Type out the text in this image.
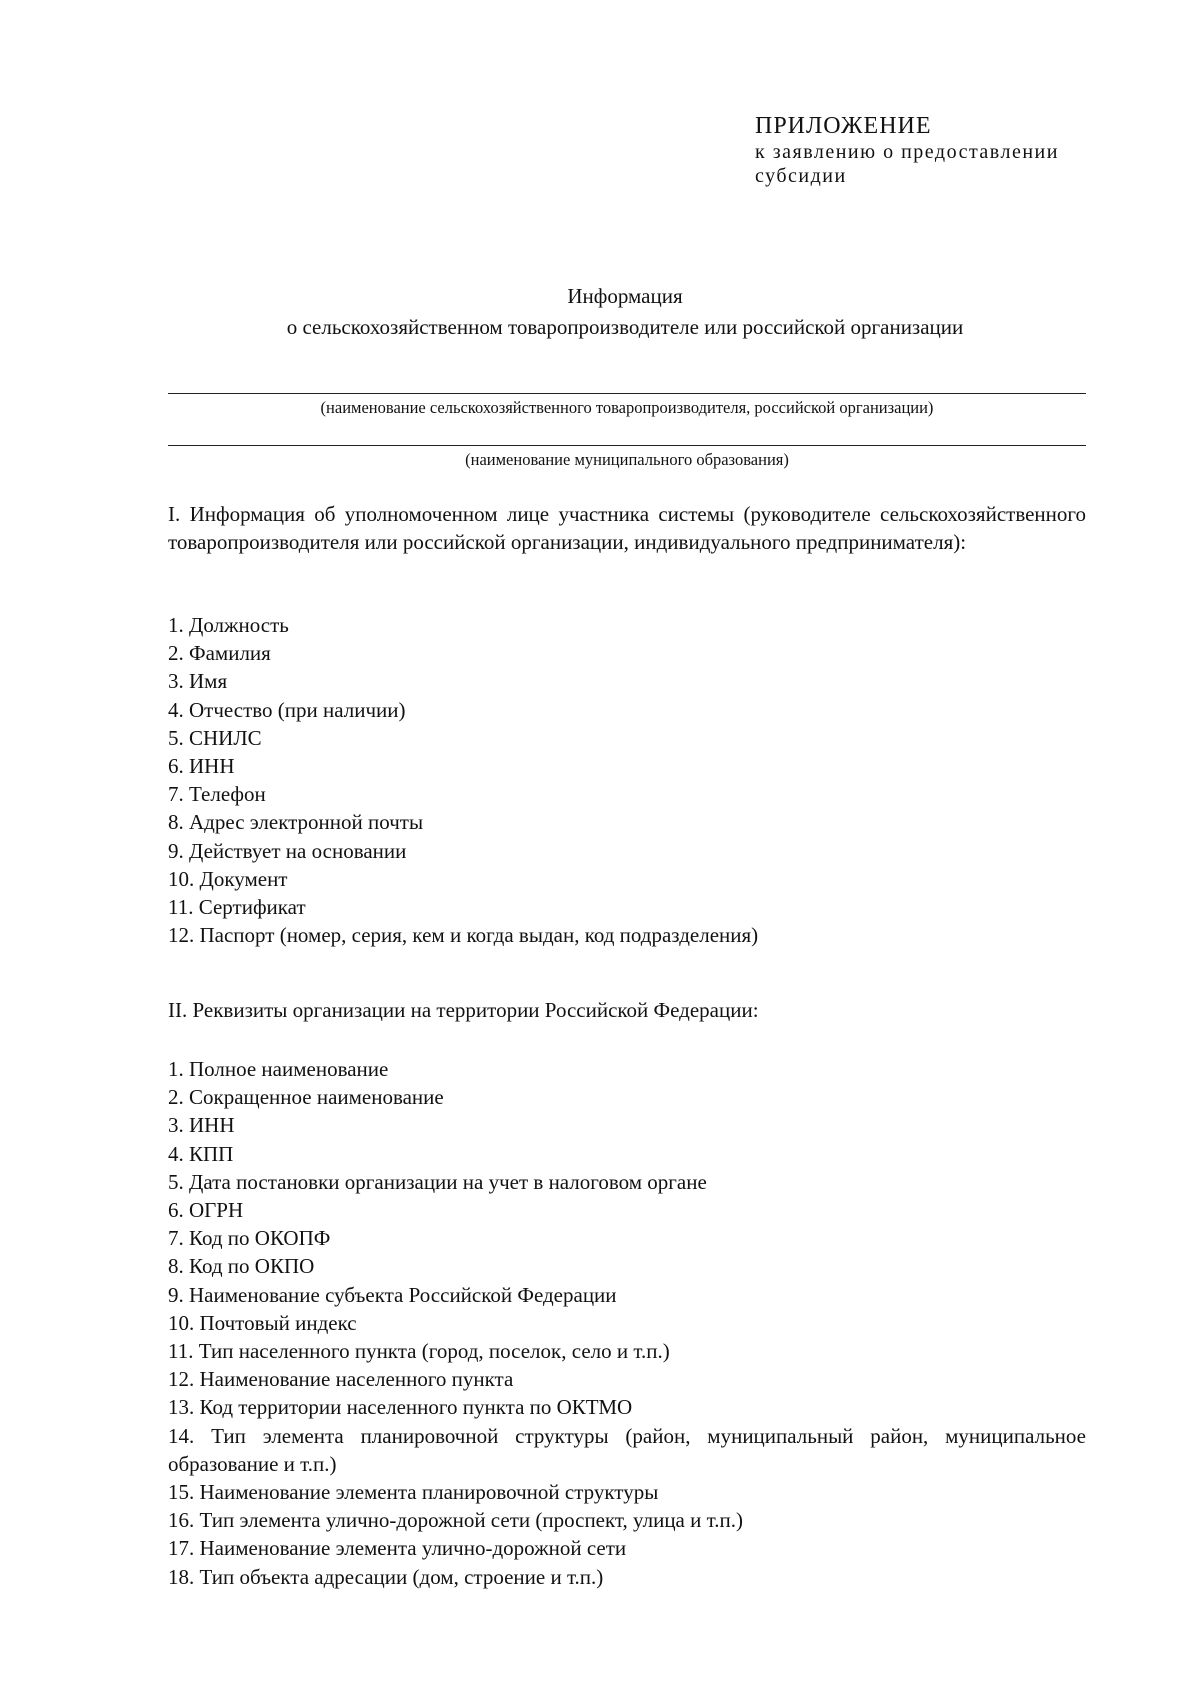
ПРИЛОЖЕНИЕ
к заявлению о предоставлении
субсидии
Информация
о сельскохозяйственном товаропроизводителе или российской организации
(наименование сельскохозяйственного товаропроизводителя, российской организации)
(наименование муниципального образования)
I. Информация об уполномоченном лице участника системы (руководителе сельскохозяйственного товаропроизводителя или российской организации, индивидуального предпринимателя):
1. Должность
2. Фамилия
3. Имя
4. Отчество (при наличии)
5. СНИЛС
6. ИНН
7. Телефон
8. Адрес электронной почты
9. Действует на основании
10. Документ
11. Сертификат
12. Паспорт (номер, серия, кем и когда выдан, код подразделения)
II. Реквизиты организации на территории Российской Федерации:
1. Полное наименование
2. Сокращенное наименование
3. ИНН
4. КПП
5. Дата постановки организации на учет в налоговом органе
6. ОГРН
7. Код по ОКОПФ
8. Код по ОКПО
9. Наименование субъекта Российской Федерации
10. Почтовый индекс
11. Тип населенного пункта (город, поселок, село и т.п.)
12. Наименование населенного пункта
13. Код территории населенного пункта по ОКТМО
14. Тип элемента планировочной структуры (район, муниципальный район, муниципальное образование и т.п.)
15. Наименование элемента планировочной структуры
16. Тип элемента улично-дорожной сети (проспект, улица и т.п.)
17. Наименование элемента улично-дорожной сети
18. Тип объекта адресации (дом, строение и т.п.)
